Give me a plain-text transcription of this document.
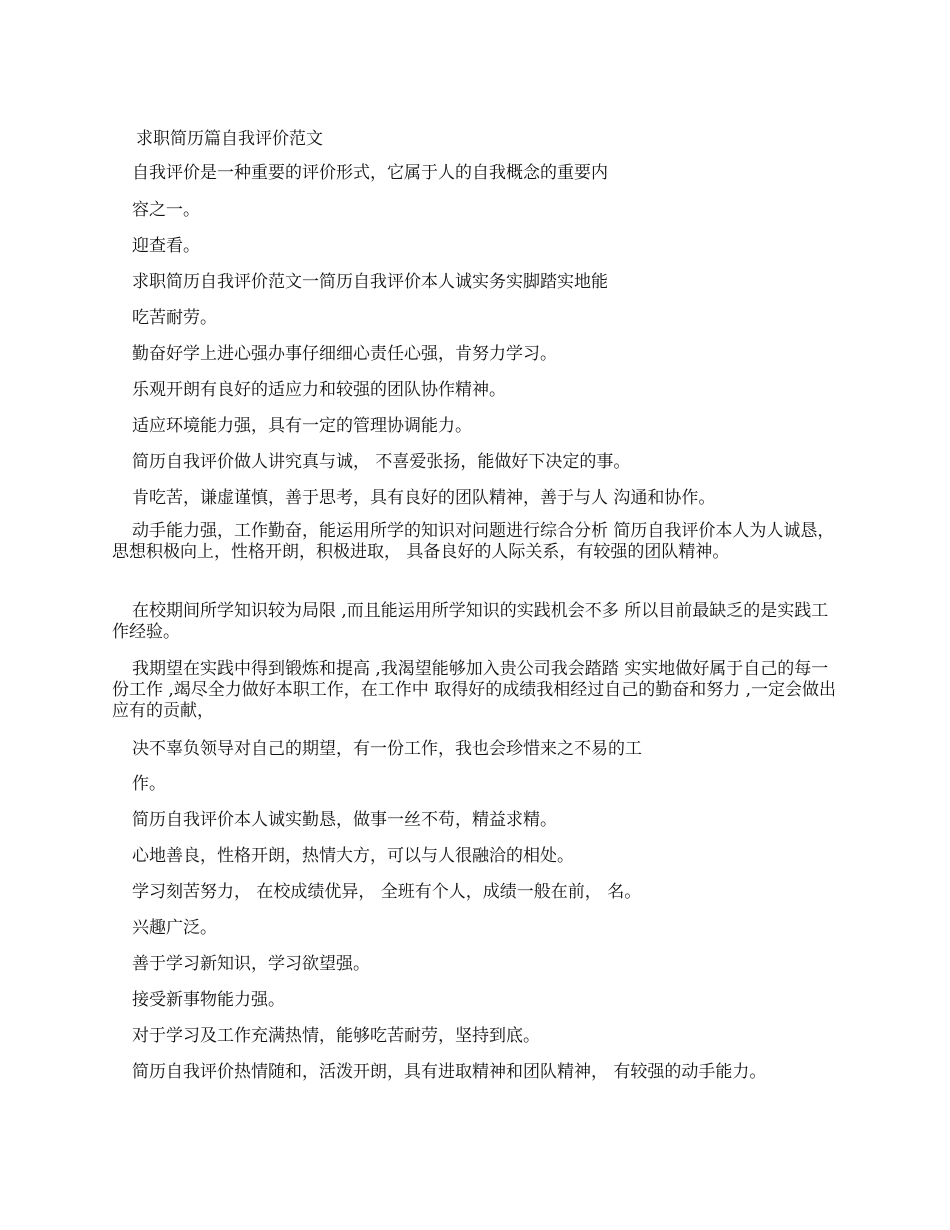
求职简历篇自我评价范文
自我评价是一种重要的评价形式，它属于人的自我概念的重要内
容之一。
迎查看。
求职简历自我评价范文一简历自我评价本人诚实务实脚踏实地能
吃苦耐劳。
勤奋好学上进心强办事仔细细心责任心强，肯努力学习。
乐观开朗有良好的适应力和较强的团队协作精神。
适应环境能力强，具有一定的管理协调能力。
简历自我评价做人讲究真与诚， 不喜爱张扬，能做好下决定的事。
肯吃苦，谦虚谨慎，善于思考，具有良好的团队精神，善于与人 沟通和协作。
动手能力强，工作勤奋，能运用所学的知识对问题进行综合分析 简历自我评价本人为人诚恳，思想积极向上，性格开朗，积极进取， 具备良好的人际关系，有较强的团队精神。
在校期间所学知识较为局限 ,而且能运用所学知识的实践机会不多 所以目前最缺乏的是实践工作经验。
我期望在实践中得到锻炼和提高 ,我渴望能够加入贵公司我会踏踏 实实地做好属于自己的每一份工作 ,竭尽全力做好本职工作，在工作中 取得好的成绩我相经过自己的勤奋和努力 ,一定会做出应有的贡献，
决不辜负领导对自己的期望，有一份工作，我也会珍惜来之不易的工
作。
简历自我评价本人诚实勤恳，做事一丝不苟，精益求精。
心地善良，性格开朗，热情大方，可以与人很融洽的相处。
学习刻苦努力， 在校成绩优异， 全班有个人，成绩一般在前， 名。
兴趣广泛。
善于学习新知识，学习欲望强。
接受新事物能力强。
对于学习及工作充满热情，能够吃苦耐劳，坚持到底。
简历自我评价热情随和，活泼开朗，具有进取精神和团队精神， 有较强的动手能力。
